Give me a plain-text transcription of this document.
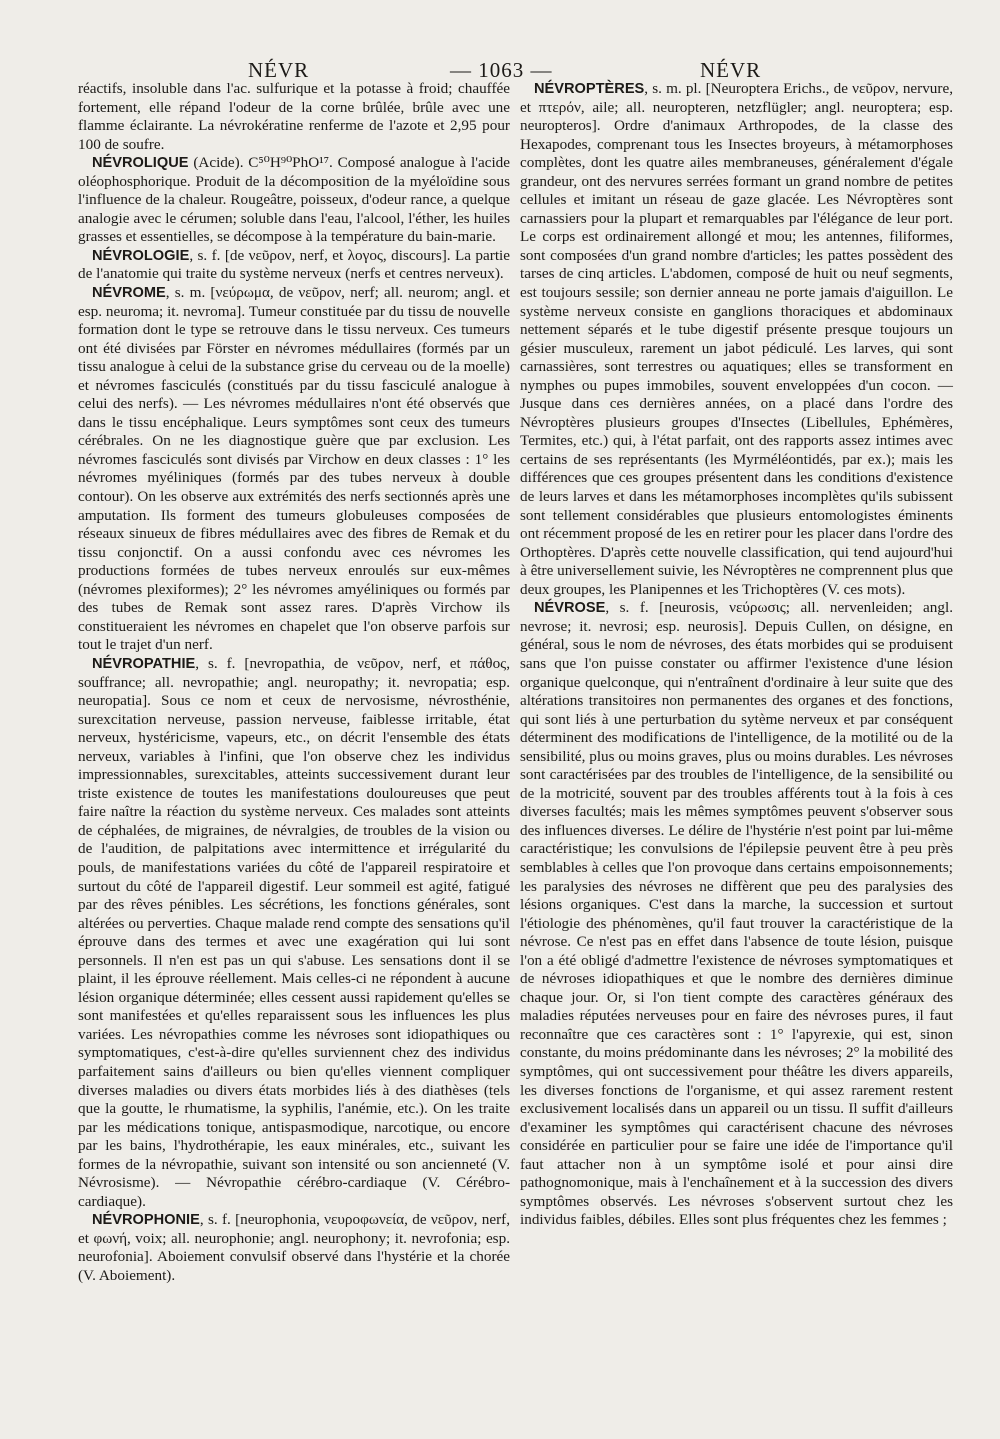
NÉVR	— 1063 —	NÉVR

réactifs, insoluble dans l'ac. sulfurique et la potasse à froid; chauffée fortement, elle répand l'odeur de la corne brûlée, brûle avec une flamme éclairante. La névrokératine renferme de l'azote et 2,95 pour 100 de soufre.

NÉVROLIQUE (Acide). C⁵⁰H⁹⁰PhO¹⁷. Composé analogue à l'acide oléophosphorique. Produit de la décomposition de la myéloïdine sous l'influence de la chaleur. Rougeâtre, poisseux, d'odeur rance, a quelque analogie avec le cérumen; soluble dans l'eau, l'alcool, l'éther, les huiles grasses et essentielles, se décompose à la température du bain-marie.

NÉVROLOGIE, s. f. [de νεῦρον, nerf, et λογος, discours]. La partie de l'anatomie qui traite du système nerveux (nerfs et centres nerveux).

NÉVROME, s. m. [νεύρωμα, de νεῦρον, nerf; all. neurom; angl. et esp. neuroma; it. nevroma]. Tumeur constituée par du tissu de nouvelle formation dont le type se retrouve dans le tissu nerveux. Ces tumeurs ont été divisées par Förster en névromes médullaires (formés par un tissu analogue à celui de la substance grise du cerveau ou de la moelle) et névromes fasciculés (constitués par du tissu fasciculé analogue à celui des nerfs). — Les névromes médullaires n'ont été observés que dans le tissu encéphalique. Leurs symptômes sont ceux des tumeurs cérébrales. On ne les diagnostique guère que par exclusion. Les névromes fasciculés sont divisés par Virchow en deux classes : 1° les névromes myéliniques (formés par des tubes nerveux à double contour). On les observe aux extrémités des nerfs sectionnés après une amputation. Ils forment des tumeurs globuleuses composées de réseaux sinueux de fibres médullaires avec des fibres de Remak et du tissu conjonctif. On a aussi confondu avec ces névromes les productions formées de tubes nerveux enroulés sur eux-mêmes (névromes plexiformes); 2° les névromes amyéliniques ou formés par des tubes de Remak sont assez rares. D'après Virchow ils constitueraient les névromes en chapelet que l'on observe parfois sur tout le trajet d'un nerf.

NÉVROPATHIE, s. f. [nevropathia, de νεῦρον, nerf, et πάθος, souffrance; all. nevropathie; angl. neuropathy; it. nevropatia; esp. neuropatia]. Sous ce nom et ceux de nervosisme, névrosthénie, surexcitation nerveuse, passion nerveuse, faiblesse irritable, état nerveux, hystéricisme, vapeurs, etc., on décrit l'ensemble des états nerveux, variables à l'infini, que l'on observe chez les individus impressionnables, surexcitables, atteints successivement durant leur triste existence de toutes les manifestations douloureuses que peut faire naître la réaction du système nerveux. Ces malades sont atteints de céphalées, de migraines, de névralgies, de troubles de la vision ou de l'audition, de palpitations avec intermittence et irrégularité du pouls, de manifestations variées du côté de l'appareil respiratoire et surtout du côté de l'appareil digestif. Leur sommeil est agité, fatigué par des rêves pénibles. Les sécrétions, les fonctions générales, sont altérées ou perverties. Chaque malade rend compte des sensations qu'il éprouve dans des termes et avec une exagération qui lui sont personnels. Il n'en est pas un qui s'abuse. Les sensations dont il se plaint, il les éprouve réellement. Mais celles-ci ne répondent à aucune lésion organique déterminée; elles cessent aussi rapidement qu'elles se sont manifestées et qu'elles reparaissent sous les influences les plus variées. Les névropathies comme les névroses sont idiopathiques ou symptomatiques, c'est-à-dire qu'elles surviennent chez des individus parfaitement sains d'ailleurs ou bien qu'elles viennent compliquer diverses maladies ou divers états morbides liés à des diathèses (tels que la goutte, le rhumatisme, la syphilis, l'anémie, etc.). On les traite par les médications tonique, antispasmodique, narcotique, ou encore par les bains, l'hydrothérapie, les eaux minérales, etc., suivant les formes de la névropathie, suivant son intensité ou son ancienneté (V. Névrosisme). — Névropathie cérébro-cardiaque (V. Cérébro-cardiaque).

NÉVROPHONIE, s. f. [neurophonia, νευροφωνεία, de νεῦρον, nerf, et φωνή, voix; all. neurophonie; angl. neurophony; it. nevrofonia; esp. neurofonia]. Aboiement convulsif observé dans l'hystérie et la chorée (V. Aboiement).

NÉVROPTÈRES, s. m. pl. [Neuroptera Erichs., de νεῦρον, nervure, et πτερόν, aile; all. neuropteren, netzflügler; angl. neuroptera; esp. neuropteros]. Ordre d'animaux Arthropodes, de la classe des Hexapodes, comprenant tous les Insectes broyeurs, à métamorphoses complètes, dont les quatre ailes membraneuses, généralement d'égale grandeur, ont des nervures serrées formant un grand nombre de petites cellules et imitant un réseau de gaze glacée. Les Névroptères sont carnassiers pour la plupart et remarquables par l'élégance de leur port. Le corps est ordinairement allongé et mou; les antennes, filiformes, sont composées d'un grand nombre d'articles; les pattes possèdent des tarses de cinq articles. L'abdomen, composé de huit ou neuf segments, est toujours sessile; son dernier anneau ne porte jamais d'aiguillon. Le système nerveux consiste en ganglions thoraciques et abdominaux nettement séparés et le tube digestif présente presque toujours un gésier musculeux, rarement un jabot pédiculé. Les larves, qui sont carnassières, sont terrestres ou aquatiques; elles se transforment en nymphes ou pupes immobiles, souvent enveloppées d'un cocon. — Jusque dans ces dernières années, on a placé dans l'ordre des Névroptères plusieurs groupes d'Insectes (Libellules, Ephémères, Termites, etc.) qui, à l'état parfait, ont des rapports assez intimes avec certains de ses représentants (les Myrméléontidés, par ex.); mais les différences que ces groupes présentent dans les conditions d'existence de leurs larves et dans les métamorphoses incomplètes qu'ils subissent sont tellement considérables que plusieurs entomologistes éminents ont récemment proposé de les en retirer pour les placer dans l'ordre des Orthoptères. D'après cette nouvelle classification, qui tend aujourd'hui à être universellement suivie, les Névroptères ne comprennent plus que deux groupes, les Planipennes et les Trichoptères (V. ces mots).

NÉVROSE, s. f. [neurosis, νεύρωσις; all. nervenleiden; angl. nevrose; it. nevrosi; esp. neurosis]. Depuis Cullen, on désigne, en général, sous le nom de névroses, des états morbides qui se produisent sans que l'on puisse constater ou affirmer l'existence d'une lésion organique quelconque, qui n'entraînent d'ordinaire à leur suite que des altérations transitoires non permanentes des organes et des fonctions, qui sont liés à une perturbation du sytème nerveux et par conséquent déterminent des modifications de l'intelligence, de la motilité ou de la sensibilité, plus ou moins graves, plus ou moins durables. Les névroses sont caractérisées par des troubles de l'intelligence, de la sensibilité ou de la motricité, souvent par des troubles afférents tout à la fois à ces diverses facultés; mais les mêmes symptômes peuvent s'observer sous des influences diverses. Le délire de l'hystérie n'est point par lui-même caractéristique; les convulsions de l'épilepsie peuvent être à peu près semblables à celles que l'on provoque dans certains empoisonnements; les paralysies des névroses ne diffèrent que peu des paralysies des lésions organiques. C'est dans la marche, la succession et surtout l'étiologie des phénomènes, qu'il faut trouver la caractéristique de la névrose. Ce n'est pas en effet dans l'absence de toute lésion, puisque l'on a été obligé d'admettre l'existence de névroses symptomatiques et de névroses idiopathiques et que le nombre des dernières diminue chaque jour. Or, si l'on tient compte des caractères généraux des maladies réputées nerveuses pour en faire des névroses pures, il faut reconnaître que ces caractères sont : 1° l'apyrexie, qui est, sinon constante, du moins prédominante dans les névroses; 2° la mobilité des symptômes, qui ont successivement pour théâtre les divers appareils, les diverses fonctions de l'organisme, et qui assez rarement restent exclusivement localisés dans un appareil ou un tissu. Il suffit d'ailleurs d'examiner les symptômes qui caractérisent chacune des névroses considérée en particulier pour se faire une idée de l'importance qu'il faut attacher non à un symptôme isolé et pour ainsi dire pathognomonique, mais à l'enchaînement et à la succession des divers symptômes observés. Les névroses s'observent surtout chez les individus faibles, débiles. Elles sont plus fréquentes chez les femmes ;
